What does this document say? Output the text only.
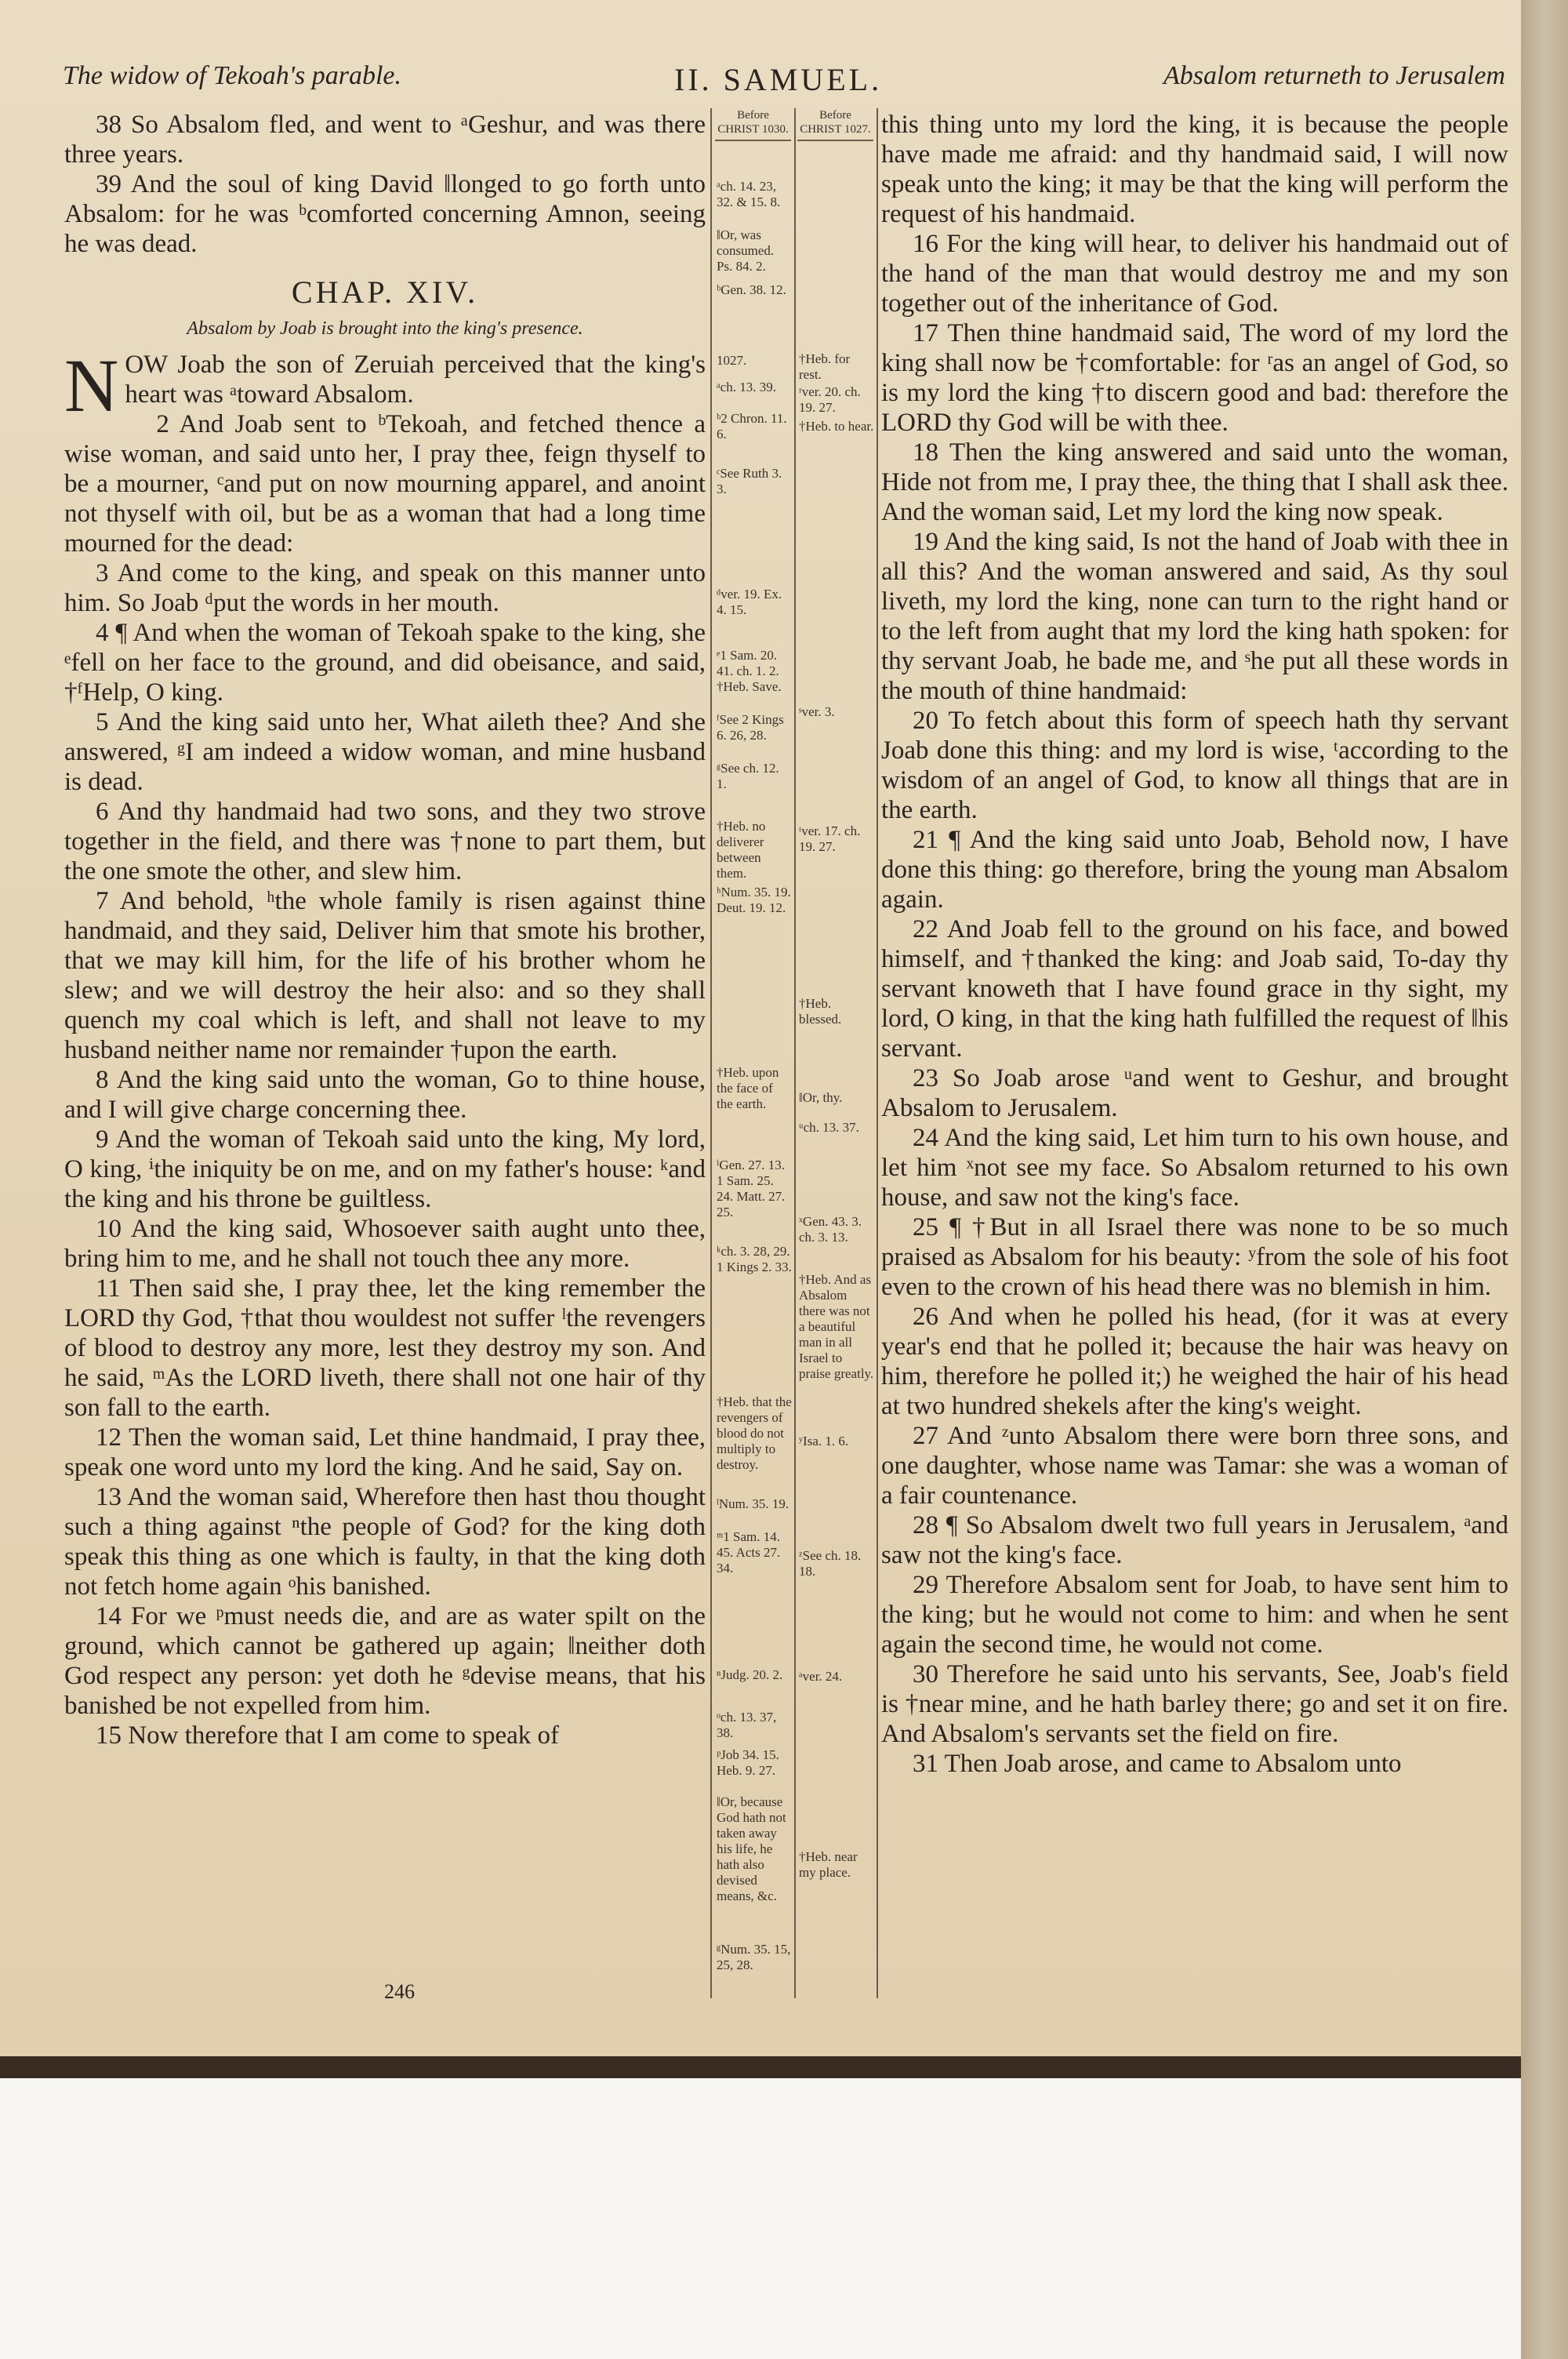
The widow of Tekoah's parable.	II. SAMUEL.	Absalom returneth to Jerusalem

38 So Absalom fled, and went to ᵃGeshur, and was there three years.

39 And the soul of king David ‖longed to go forth unto Absalom: for he was ᵇcomforted concerning Amnon, seeing he was dead.

CHAP. XIV.
Absalom by Joab is brought into the king's presence.

NOW Joab the son of Zeruiah perceived that the king's heart was ᵃtoward Absalom.

2 And Joab sent to ᵇTekoah, and fetched thence a wise woman, and said unto her, I pray thee, feign thyself to be a mourner, ᶜand put on now mourning apparel, and anoint not thyself with oil, but be as a woman that had a long time mourned for the dead:

3 And come to the king, and speak on this manner unto him. So Joab ᵈput the words in her mouth.

4 ¶ And when the woman of Tekoah spake to the king, she ᵉfell on her face to the ground, and did obeisance, and said, †ᶠHelp, O king.

5 And the king said unto her, What aileth thee? And she answered, ᵍI am indeed a widow woman, and mine husband is dead.

6 And thy handmaid had two sons, and they two strove together in the field, and there was †none to part them, but the one smote the other, and slew him.

7 And behold, ʰthe whole family is risen against thine handmaid, and they said, Deliver him that smote his brother, that we may kill him, for the life of his brother whom he slew; and we will destroy the heir also: and so they shall quench my coal which is left, and shall not leave to my husband neither name nor remainder †upon the earth.

8 And the king said unto the woman, Go to thine house, and I will give charge concerning thee.

9 And the woman of Tekoah said unto the king, My lord, O king, ⁱthe iniquity be on me, and on my father's house: ᵏand the king and his throne be guiltless.

10 And the king said, Whosoever saith aught unto thee, bring him to me, and he shall not touch thee any more.

11 Then said she, I pray thee, let the king remember the LORD thy God, †that thou wouldest not suffer ˡthe revengers of blood to destroy any more, lest they destroy my son. And he said, ᵐAs the LORD liveth, there shall not one hair of thy son fall to the earth.

12 Then the woman said, Let thine handmaid, I pray thee, speak one word unto my lord the king. And he said, Say on.

13 And the woman said, Wherefore then hast thou thought such a thing against ⁿthe people of God? for the king doth speak this thing as one which is faulty, in that the king doth not fetch home again ᵒhis banished.

14 For we ᵖmust needs die, and are as water spilt on the ground, which cannot be gathered up again; ‖neither doth God respect any person: yet doth he ᵍdevise means, that his banished be not expelled from him.

15 Now therefore that I am come to speak of

Before CHRIST 1030.
ᵃch. 14. 23, 32. & 15. 8.
‖Or, was consumed. Ps. 84. 2.
ᵇGen. 38. 12.
1027.
ᵃch. 13. 39.
ᵇ2 Chron. 11. 6.
ᶜSee Ruth 3. 3.
ᵈver. 19. Ex. 4. 15.
ᵉ1 Sam. 20. 41. ch. 1. 2.
†Heb. Save.
ᶠSee 2 Kings 6. 26, 28.
ᵍSee ch. 12. 1.
†Heb. no deliverer between them.
ʰNum. 35. 19. Deut. 19. 12.
†Heb. upon the face of the earth.
ⁱGen. 27. 13. 1 Sam. 25. 24. Matt. 27. 25.
ᵏch. 3. 28, 29. 1 Kings 2. 33.
†Heb. that the revengers of blood do not multiply to destroy.
ˡNum. 35. 19.
ᵐ1 Sam. 14. 45. Acts 27. 34.
ⁿJudg. 20. 2.
ᵒch. 13. 37, 38.
ᵖJob 34. 15. Heb. 9. 27.
‖Or, because God hath not taken away his life, he hath also devised means, &c.
ᵍNum. 35. 15, 25, 28.
Before CHRIST 1027.
†Heb. for rest.
ʳver. 20. ch. 19. 27.
†Heb. to hear.
ˢver. 3.
ᵗver. 17. ch. 19. 27.
†Heb. blessed.
‖Or, thy.
ᵘch. 13. 37.
ˣGen. 43. 3. ch. 3. 13.
†Heb. And as Absalom there was not a beautiful man in all Israel to praise greatly.
ʸIsa. 1. 6.
ᶻSee ch. 18. 18.
ᵃver. 24.
†Heb. near my place.

this thing unto my lord the king, it is because the people have made me afraid: and thy handmaid said, I will now speak unto the king; it may be that the king will perform the request of his handmaid.

16 For the king will hear, to deliver his handmaid out of the hand of the man that would destroy me and my son together out of the inheritance of God.

17 Then thine handmaid said, The word of my lord the king shall now be †comfortable: for ʳas an angel of God, so is my lord the king †to discern good and bad: therefore the LORD thy God will be with thee.

18 Then the king answered and said unto the woman, Hide not from me, I pray thee, the thing that I shall ask thee. And the woman said, Let my lord the king now speak.

19 And the king said, Is not the hand of Joab with thee in all this? And the woman answered and said, As thy soul liveth, my lord the king, none can turn to the right hand or to the left from aught that my lord the king hath spoken: for thy servant Joab, he bade me, and ˢhe put all these words in the mouth of thine handmaid:

20 To fetch about this form of speech hath thy servant Joab done this thing: and my lord is wise, ᵗaccording to the wisdom of an angel of God, to know all things that are in the earth.

21 ¶ And the king said unto Joab, Behold now, I have done this thing: go therefore, bring the young man Absalom again.

22 And Joab fell to the ground on his face, and bowed himself, and †thanked the king: and Joab said, To-day thy servant knoweth that I have found grace in thy sight, my lord, O king, in that the king hath fulfilled the request of ‖his servant.

23 So Joab arose ᵘand went to Geshur, and brought Absalom to Jerusalem.

24 And the king said, Let him turn to his own house, and let him ˣnot see my face. So Absalom returned to his own house, and saw not the king's face.

25 ¶ †But in all Israel there was none to be so much praised as Absalom for his beauty: ʸfrom the sole of his foot even to the crown of his head there was no blemish in him.

26 And when he polled his head, (for it was at every year's end that he polled it; because the hair was heavy on him, therefore he polled it;) he weighed the hair of his head at two hundred shekels after the king's weight.

27 And ᶻunto Absalom there were born three sons, and one daughter, whose name was Tamar: she was a woman of a fair countenance.

28 ¶ So Absalom dwelt two full years in Jerusalem, ᵃand saw not the king's face.

29 Therefore Absalom sent for Joab, to have sent him to the king; but he would not come to him: and when he sent again the second time, he would not come.

30 Therefore he said unto his servants, See, Joab's field is †near mine, and he hath barley there; go and set it on fire. And Absalom's servants set the field on fire.

31 Then Joab arose, and came to Absalom unto

246
